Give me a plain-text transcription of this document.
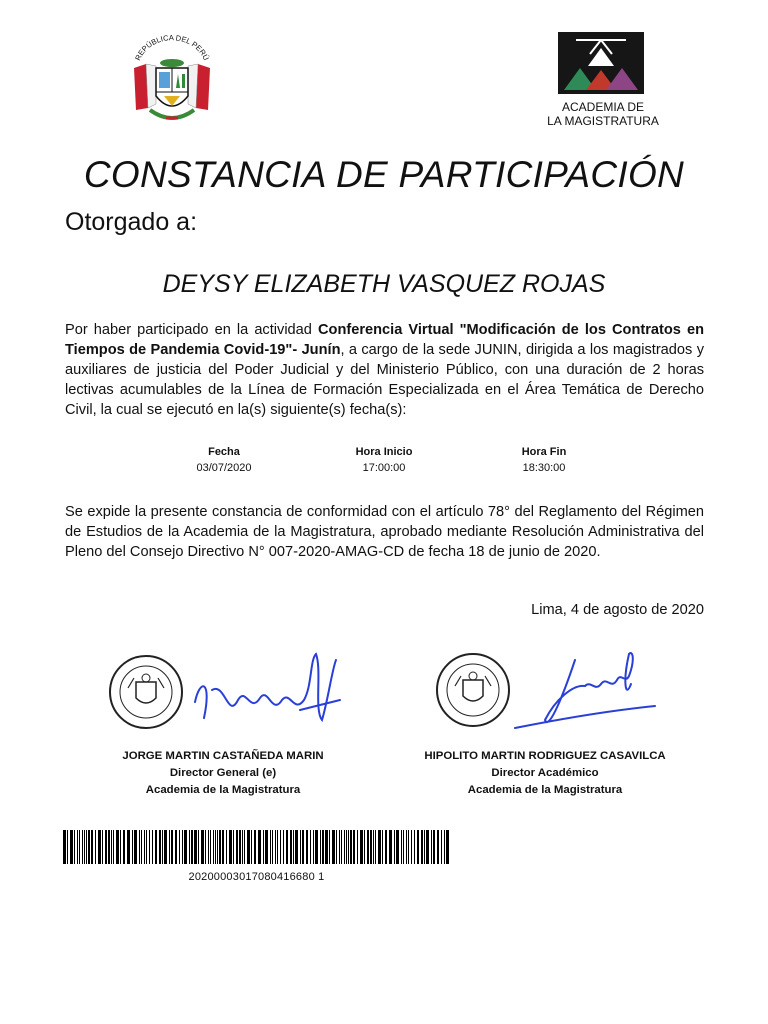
REPÚBLICA DEL PERÚ
ACADEMIA DE
LA MAGISTRATURA
CONSTANCIA DE PARTICIPACIÓN
Otorgado a:
DEYSY ELIZABETH VASQUEZ ROJAS
Por haber participado en la actividad Conferencia Virtual "Modificación de los Contratos en Tiempos de Pandemia Covid-19"- Junín, a cargo de la sede JUNIN, dirigida a los magistrados y auxiliares de justicia del Poder Judicial y del Ministerio Público, con una duración de 2 horas lectivas acumulables de la Línea de Formación Especializada en el Área Temática de Derecho Civil, la cual se ejecutó en la(s) siguiente(s) fecha(s):
Fecha	Hora Inicio	Hora Fin
03/07/2020	17:00:00	18:30:00
Se expide la presente constancia de conformidad con el artículo 78° del Reglamento del Régimen de Estudios de la Academia de la Magistratura, aprobado mediante Resolución Administrativa del Pleno del Consejo Directivo N° 007-2020-AMAG-CD de fecha 18 de junio de 2020.
Lima, 4 de agosto de 2020
JORGE MARTIN CASTAÑEDA MARIN
Director General (e)
Academia de la Magistratura
HIPOLITO MARTIN RODRIGUEZ CASAVILCA
Director Académico
Academia de la Magistratura
20200003017080416680 1
